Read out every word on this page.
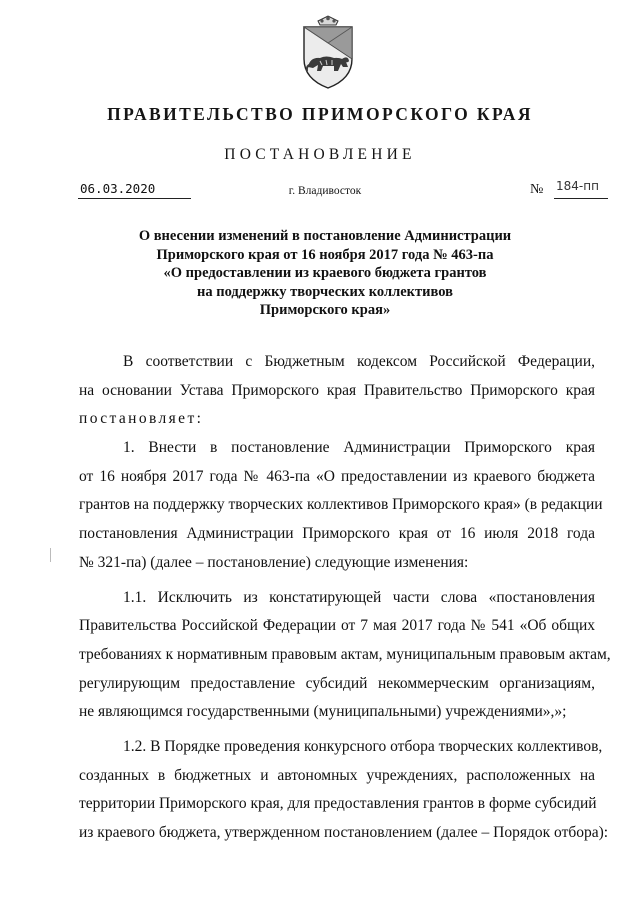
ПРАВИТЕЛЬСТВО ПРИМОРСКОГО КРАЯ
ПОСТАНОВЛЕНИЕ
06.03.2020	г. Владивосток	№ 184-пп
О внесении изменений в постановление Администрации
Приморского края от 16 ноября 2017 года № 463-па
«О предоставлении из краевого бюджета грантов
на поддержку творческих коллективов
Приморского края»
В соответствии с Бюджетным кодексом Российской Федерации,
на основании Устава Приморского края Правительство Приморского края
постановляет:
1. Внести в постановление Администрации Приморского края
от 16 ноября 2017 года № 463-па «О предоставлении из краевого бюджета
грантов на поддержку творческих коллективов Приморского края» (в редакции
постановления Администрации Приморского края от 16 июля 2018 года
№ 321-па) (далее – постановление) следующие изменения:
1.1. Исключить из констатирующей части слова «постановления
Правительства Российской Федерации от 7 мая 2017 года № 541 «Об общих
требованиях к нормативным правовым актам, муниципальным правовым актам,
регулирующим предоставление субсидий некоммерческим организациям,
не являющимся государственными (муниципальными) учреждениями»,»;
1.2. В Порядке проведения конкурсного отбора творческих коллективов,
созданных в бюджетных и автономных учреждениях, расположенных на
территории Приморского края, для предоставления грантов в форме субсидий
из краевого бюджета, утвержденном постановлением (далее – Порядок отбора):
